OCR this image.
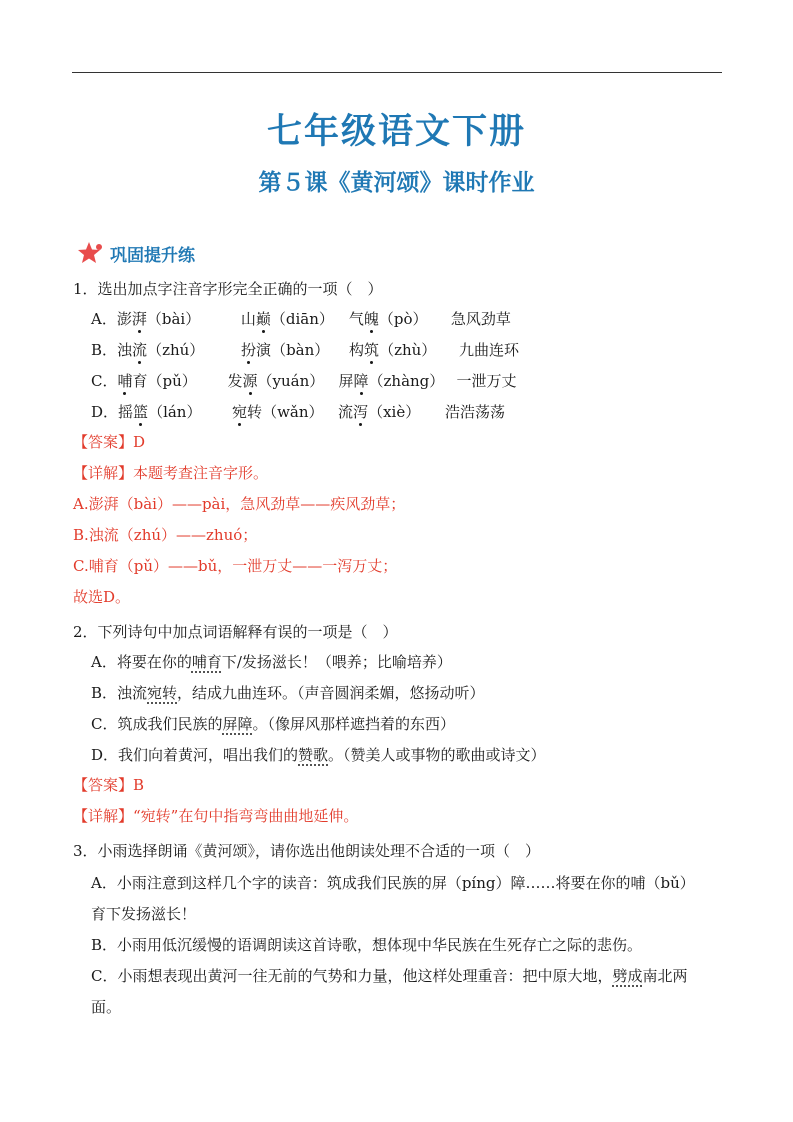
七年级语文下册
第５课《黄河颂》课时作业
巩固提升练
1．选出加点字注音字形完全正确的一项（　）
A．澎湃（bài）	山巅（diān） 气魄（pò） 急风劲草
B．浊流（zhú） 扮演（bàn） 构筑（zhù） 九曲连环
C．哺育（pǔ） 发源（yuán） 屏障（zhàng） 一泄万丈
D．摇篮（lán） 宛转（wǎn） 流泻（xiè） 浩浩荡荡
【答案】D
【详解】本题考查注音字形。
A.澎湃（bài）——pài，急风劲草——疾风劲草；
B.浊流（zhú）——zhuó；
C.哺育（pǔ）——bǔ，一泄万丈——一泻万丈；
故选D。
2．下列诗句中加点词语解释有误的一项是（　）
A．将要在你的哺育下/发扬滋长！（喂养；比喻培养）
B．浊流宛转，结成九曲连环。（声音圆润柔媚，悠扬动听）
C．筑成我们民族的屏障。（像屏风那样遮挡着的东西）
D．我们向着黄河，唱出我们的赞歌。（赞美人或事物的歌曲或诗文）
【答案】B
【详解】“宛转”在句中指弯弯曲曲地延伸。
3．小雨选择朗诵《黄河颂》，请你选出他朗读处理不合适的一项（　）
A．小雨注意到这样几个字的读音：筑成我们民族的屏（píng）障……将要在你的哺（bǔ）
育下发扬滋长！
B．小雨用低沉缓慢的语调朗读这首诗歌，想体现中华民族在生死存亡之际的悲伤。
C．小雨想表现出黄河一往无前的气势和力量，他这样处理重音：把中原大地，劈成南北两
面。
